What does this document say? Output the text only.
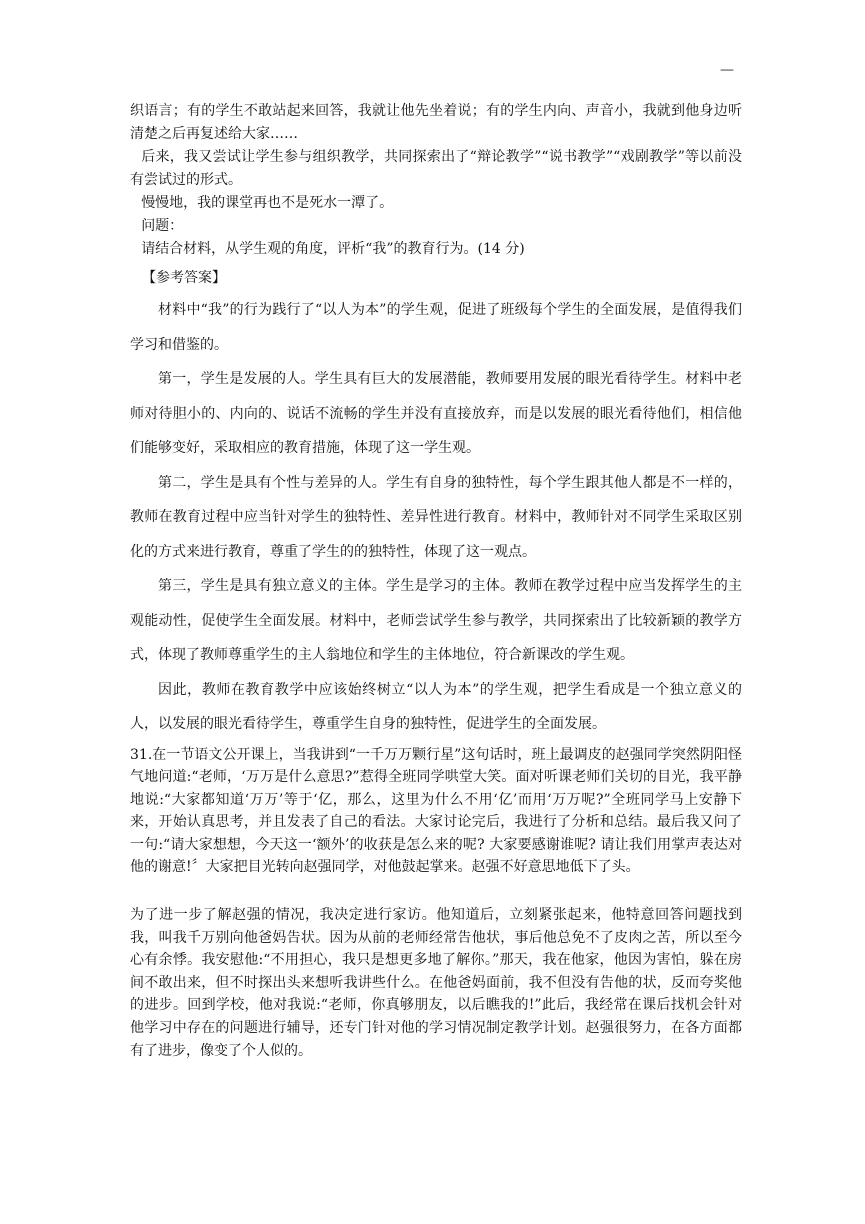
—

织语言；有的学生不敢站起来回答，我就让他先坐着说；有的学生内向、声音小，我就到他身边听清楚之后再复述给大家……

后来，我又尝试让学生参与组织教学，共同探索出了“辩论教学”“说书教学”“戏剧教学”等以前没有尝试过的形式。

慢慢地，我的课堂再也不是死水一潭了。

问题：

请结合材料，从学生观的角度，评析“我”的教育行为。(14 分)

【参考答案】

材料中“我”的行为践行了“以人为本”的学生观，促进了班级每个学生的全面发展，是值得我们学习和借鉴的。

第一，学生是发展的人。学生具有巨大的发展潜能，教师要用发展的眼光看待学生。材料中老师对待胆小的、内向的、说话不流畅的学生并没有直接放弃，而是以发展的眼光看待他们，相信他们能够变好，采取相应的教育措施，体现了这一学生观。

第二，学生是具有个性与差异的人。学生有自身的独特性，每个学生跟其他人都是不一样的，教师在教育过程中应当针对学生的独特性、差异性进行教育。材料中，教师针对不同学生采取区别化的方式来进行教育，尊重了学生的的独特性，体现了这一观点。

第三，学生是具有独立意义的主体。学生是学习的主体。教师在教学过程中应当发挥学生的主观能动性，促使学生全面发展。材料中，老师尝试学生参与教学，共同探索出了比较新颖的教学方式，体现了教师尊重学生的主人翁地位和学生的主体地位，符合新课改的学生观。

因此，教师在教育教学中应该始终树立“以人为本”的学生观，把学生看成是一个独立意义的人，以发展的眼光看待学生，尊重学生自身的独特性，促进学生的全面发展。

31.在一节语文公开课上，当我讲到“一千万万颗行星”这句话时，班上最调皮的赵强同学突然阴阳怪气地问道:“老师，‘万万是什么意思?”惹得全班同学哄堂大笑。面对听课老师们关切的目光，我平静地说:“大家都知道‘万万’等于‘亿，那么，这里为什么不用‘亿’而用‘万万呢?”全班同学马上安静下来，开始认真思考，并且发表了自己的看法。大家讨论完后，我进行了分析和总结。最后我又问了一句:“请大家想想，今天这一‘额外’的收获是怎么来的呢? 大家要感谢谁呢? 请让我们用掌声表达对他的谢意!〞大家把目光转向赵强同学，对他鼓起掌来。赵强不好意思地低下了头。

为了进一步了解赵强的情况，我决定进行家访。他知道后，立刻紧张起来，他特意回答问题找到我，叫我千万别向他爸妈告状。因为从前的老师经常告他状，事后他总免不了皮肉之苦，所以至今心有余悸。我安慰他:“不用担心，我只是想更多地了解你。”那天，我在他家，他因为害怕，躲在房间不敢出来，但不时探出头来想听我讲些什么。在他爸妈面前，我不但没有告他的状，反而夸奖他的进步。回到学校，他对我说:“老师，你真够朋友，以后瞧我的!”此后，我经常在课后找机会针对他学习中存在的问题进行辅导，还专门针对他的学习情况制定教学计划。赵强很努力，在各方面都有了进步，像变了个人似的。
